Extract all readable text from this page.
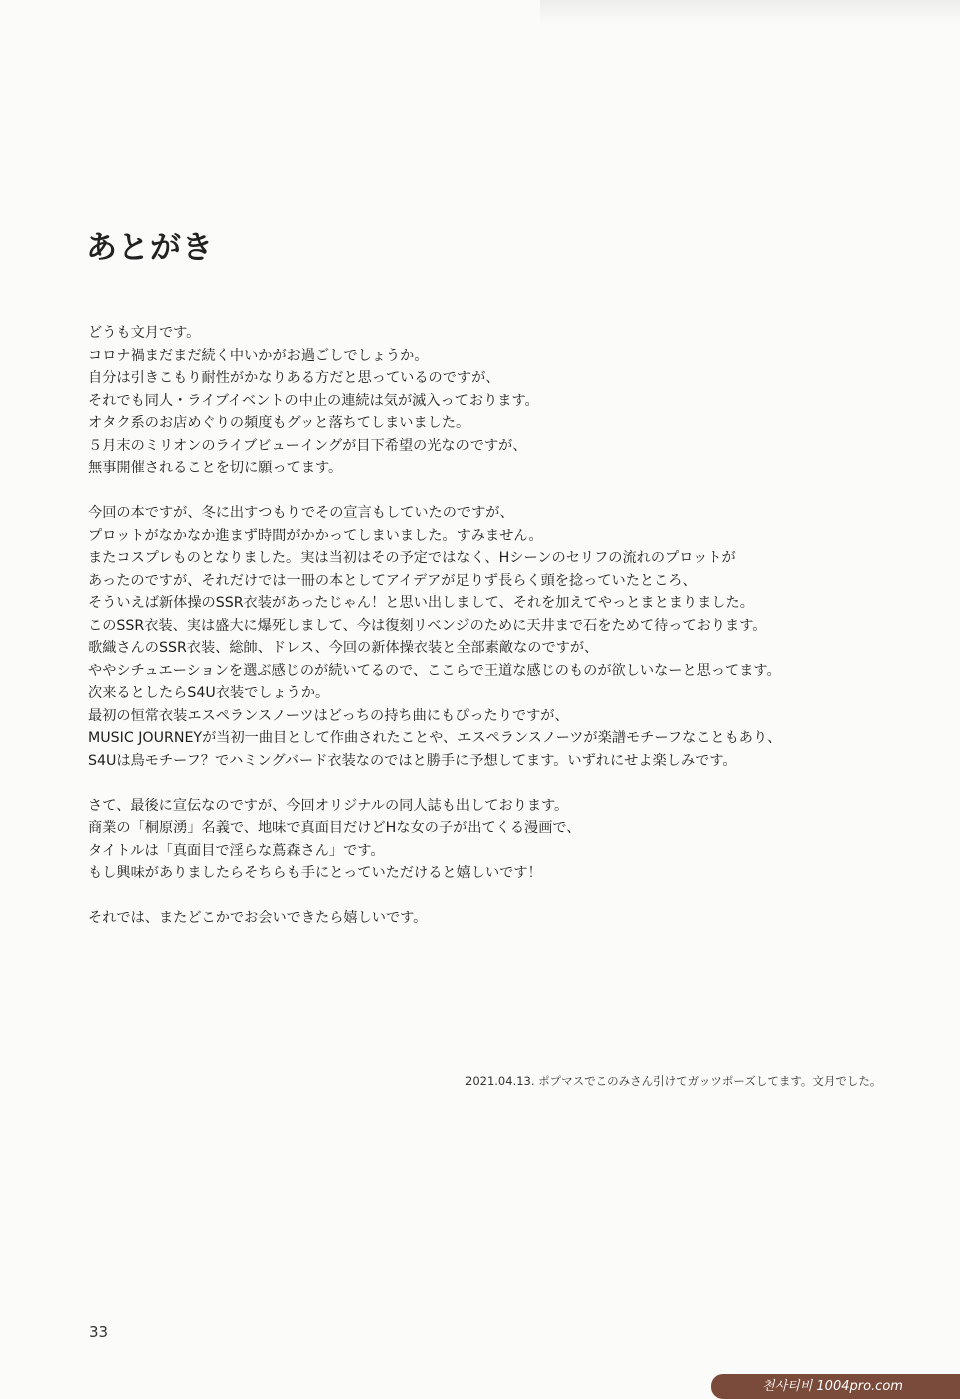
あとがき
どうも文月です。
コロナ禍まだまだ続く中いかがお過ごしでしょうか。
自分は引きこもり耐性がかなりある方だと思っているのですが、
それでも同人・ライブイベントの中止の連続は気が滅入っております。
オタク系のお店めぐりの頻度もグッと落ちてしまいました。
５月末のミリオンのライブビューイングが目下希望の光なのですが、
無事開催されることを切に願ってます。
今回の本ですが、冬に出すつもりでその宣言もしていたのですが、
プロットがなかなか進まず時間がかかってしまいました。すみません。
またコスプレものとなりました。実は当初はその予定ではなく、Hシーンのセリフの流れのプロットが
あったのですが、それだけでは一冊の本としてアイデアが足りず長らく頭を捻っていたところ、
そういえば新体操のSSR衣装があったじゃん！と思い出しまして、それを加えてやっとまとまりました。
このSSR衣装、実は盛大に爆死しまして、今は復刻リベンジのために天井まで石をためて待っております。
歌織さんのSSR衣装、総帥、ドレス、今回の新体操衣装と全部素敵なのですが、
ややシチュエーションを選ぶ感じのが続いてるので、ここらで王道な感じのものが欲しいなーと思ってます。
次来るとしたらS4U衣装でしょうか。
最初の恒常衣装エスペランスノーツはどっちの持ち曲にもぴったりですが、
MUSIC JOURNEYが当初一曲目として作曲されたことや、エスペランスノーツが楽譜モチーフなこともあり、
S4Uは鳥モチーフ？でハミングバード衣装なのではと勝手に予想してます。いずれにせよ楽しみです。
さて、最後に宣伝なのですが、今回オリジナルの同人誌も出しております。
商業の「桐原湧」名義で、地味で真面目だけどHな女の子が出てくる漫画で、
タイトルは「真面目で淫らな蔦森さん」です。
もし興味がありましたらそちらも手にとっていただけると嬉しいです！
それでは、またどこかでお会いできたら嬉しいです。
2021.04.13. ポプマスでこのみさん引けてガッツポーズしてます。文月でした。
33
천사티비 1004pro.com
